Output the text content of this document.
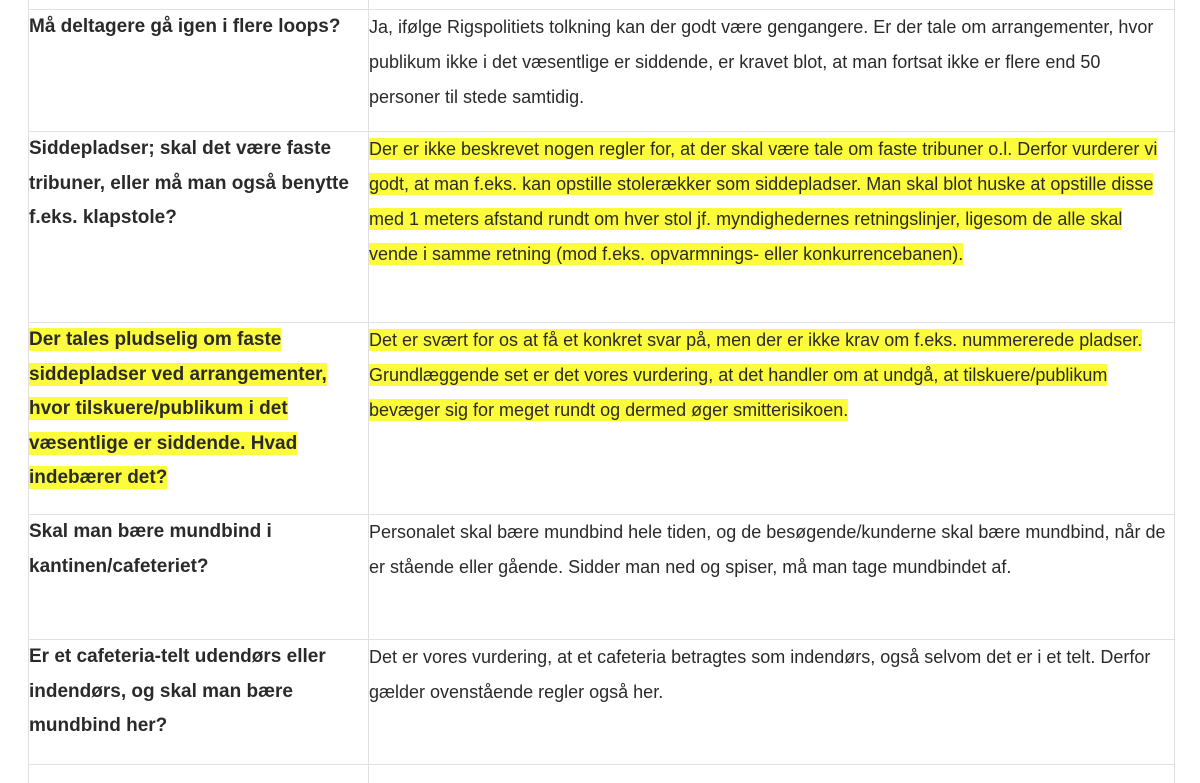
Må deltagere gå igen i flere loops?	Ja, ifølge Rigspolitiets tolkning kan der godt være gengangere. Er der tale om arrangementer, hvor publikum ikke i det væsentlige er siddende, er kravet blot, at man fortsat ikke er flere end 50 personer til stede samtidig.
Siddepladser; skal det være faste tribuner, eller må man også benytte f.eks. klapstole?	Der er ikke beskrevet nogen regler for, at der skal være tale om faste tribuner o.l. Derfor vurderer vi godt, at man f.eks. kan opstille stolerækker som siddepladser. Man skal blot huske at opstille disse med 1 meters afstand rundt om hver stol jf. myndighedernes retningslinjer, ligesom de alle skal vende i samme retning (mod f.eks. opvarmnings- eller konkurrencebanen).
Der tales pludselig om faste siddepladser ved arrangementer, hvor tilskuere/publikum i det væsentlige er siddende. Hvad indebærer det?	Det er svært for os at få et konkret svar på, men der er ikke krav om f.eks. nummererede pladser. Grundlæggende set er det vores vurdering, at det handler om at undgå, at tilskuere/publikum bevæger sig for meget rundt og dermed øger smitterisikoen.
Skal man bære mundbind i kantinen/cafeteriet?	Personalet skal bære mundbind hele tiden, og de besøgende/kunderne skal bære mundbind, når de er stående eller gående. Sidder man ned og spiser, må man tage mundbindet af.
Er et cafeteria-telt udendørs eller indendørs, og skal man bære mundbind her?	Det er vores vurdering, at et cafeteria betragtes som indendørs, også selvom det er i et telt. Derfor gælder ovenstående regler også her.
